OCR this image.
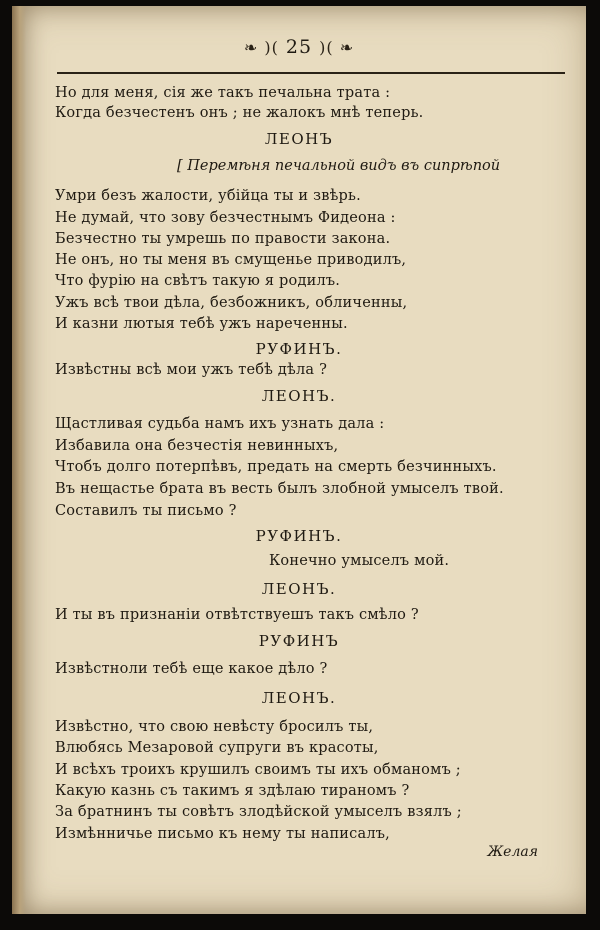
❧ )( 25 )( ❧
Но для меня, сія же такъ печальна трата :
Когда безчестенъ онъ ; не жалокъ мнѣ теперь.
ЛЕОНЪ
[ Перемѣня печальной видъ въ сипрѣпой
Умри безъ жалости, убійца ты и звѣрь.
Не думай, что зову безчестнымъ Фидеона :
Безчестно ты умрешь по правости закона.
Не онъ, но ты меня въ смущенье приводилъ,
Что фурію на свѣтъ такую я родилъ.
Ужъ всѣ твои дѣла, безбожникъ, обличенны,
И казни лютыя тебѣ ужъ нареченны.
РУФИНЪ.
Извѣстны всѣ мои ужъ тебѣ дѣла ?
ЛЕОНЪ.
Щастливая судьба намъ ихъ узнать дала :
Избавила она безчестія невинныхъ,
Чтобъ долго потерпѣвъ, предать на смерть безчинныхъ.
Въ нещастье брата въ весть былъ злобной умыселъ твой.
Составилъ ты письмо ?
РУФИНЪ.
Конечно умыселъ мой.
ЛЕОНЪ.
И ты въ признаніи отвѣтствуешъ такъ смѣло ?
РУФИНЪ
Извѣстноли тебѣ еще какое дѣло ?
ЛЕОНЪ.
Извѣстно, что свою невѣсту бросилъ ты,
Влюбясь Мезаровой супруги въ красоты,
И всѣхъ троихъ крушилъ своимъ ты ихъ обманомъ ;
Какую казнь съ такимъ я здѣлаю тираномъ ?
За братнинъ ты совѣтъ злодѣйской умыселъ взялъ ;
Измѣнничье письмо къ нему ты написалъ,
Желая
